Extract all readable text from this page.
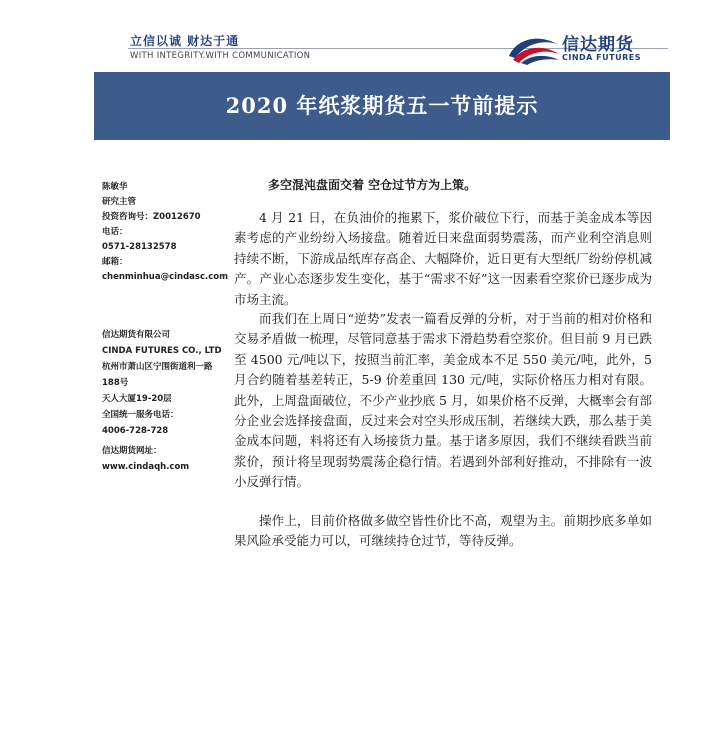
立信以诚 财达于通
WITH INTEGRITY.WITH COMMUNICATION
信达期货
CINDA FUTURES
2020 年纸浆期货五一节前提示
陈敏华
研究主管
投资咨询号：Z0012670
电话：
0571-28132578
邮箱：
chenminhua@cindasc.com
信达期货有限公司
CINDA FUTURES CO., LTD
杭州市萧山区宁围街道利一路
188号
天人大厦19-20层
全国统一服务电话：
4006-728-728
信达期货网址：
www.cindaqh.com
多空混沌盘面交着 空仓过节方为上策。
4 月 21 日，在负油价的拖累下，浆价破位下行，而基于美金成本等因素考虑的产业纷纷入场接盘。随着近日来盘面弱势震荡，而产业利空消息则持续不断，下游成品纸库存高企、大幅降价，近日更有大型纸厂纷纷停机减产。产业心态逐步发生变化，基于“需求不好”这一因素看空浆价已逐步成为市场主流。
而我们在上周日“逆势”发表一篇看反弹的分析，对于当前的相对价格和交易矛盾做一梳理，尽管同意基于需求下滑趋势看空浆价。但目前 9 月已跌至 4500 元/吨以下，按照当前汇率，美金成本不足 550 美元/吨，此外，5 月合约随着基差转正，5-9 价差重回 130 元/吨，实际价格压力相对有限。此外，上周盘面破位，不少产业抄底 5 月，如果价格不反弹，大概率会有部分企业会选择接盘面，反过来会对空头形成压制，若继续大跌，那么基于美金成本问题，料将还有入场接货力量。基于诸多原因，我们不继续看跌当前浆价，预计将呈现弱势震荡企稳行情。若遇到外部利好推动，不排除有一波小反弹行情。
操作上，目前价格做多做空皆性价比不高，观望为主。前期抄底多单如果风险承受能力可以，可继续持仓过节，等待反弹。
